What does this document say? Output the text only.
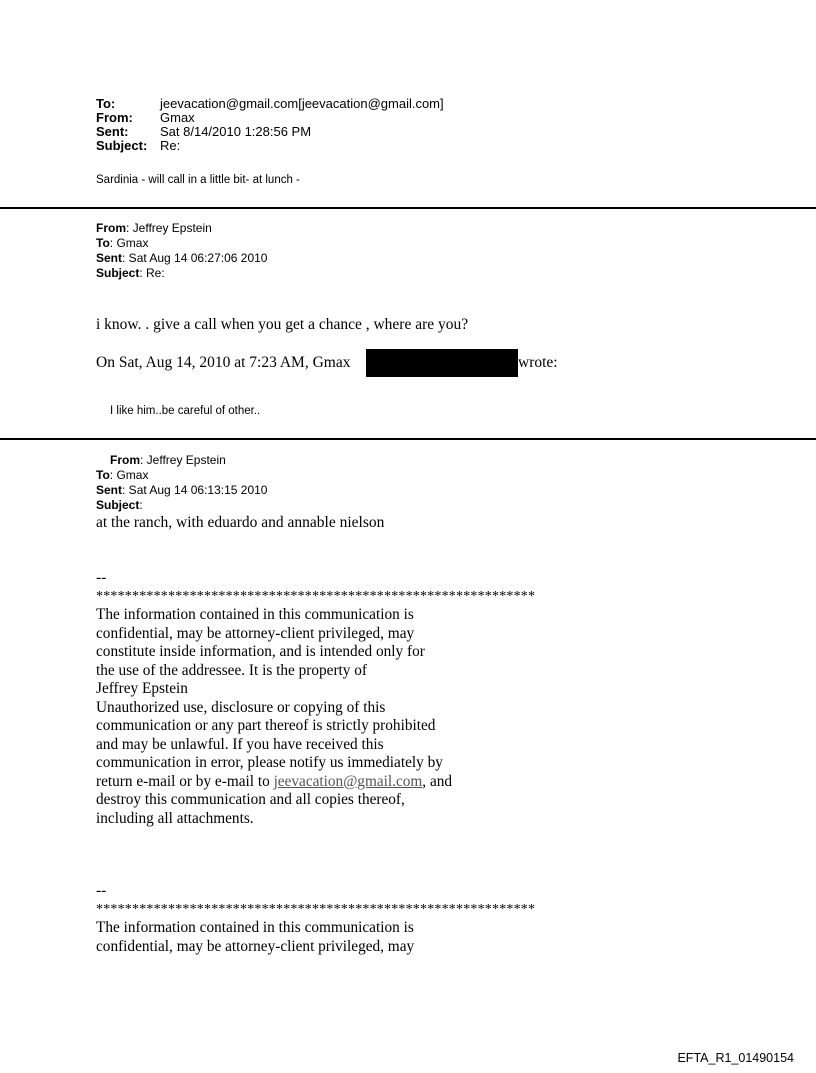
To:	jeevacation@gmail.com[jeevacation@gmail.com]
From: Gmax
Sent: Sat 8/14/2010 1:28:56 PM
Subject: Re:
Sardinia - will call in a little bit- at lunch -
From: Jeffrey Epstein
To: Gmax
Sent: Sat Aug 14 06:27:06 2010
Subject: Re:
i know. . give a call when you get a chance , where are you?
On Sat, Aug 14, 2010 at 7:23 AM, Gmax	wrote:
I like him..be careful of other..
From: Jeffrey Epstein
To: Gmax
Sent: Sat Aug 14 06:13:15 2010
Subject:
at the ranch, with eduardo and annable nielson
--
*************************************************************
The information contained in this communication is
confidential, may be attorney-client privileged, may
constitute inside information, and is intended only for
the use of the addressee. It is the property of
Jeffrey Epstein
Unauthorized use, disclosure or copying of this
communication or any part thereof is strictly prohibited
and may be unlawful. If you have received this
communication in error, please notify us immediately by
return e-mail or by e-mail to jeevacation@gmail.com, and
destroy this communication and all copies thereof,
including all attachments.
--
*************************************************************
The information contained in this communication is
confidential, may be attorney-client privileged, may
EFTA_R1_01490154
